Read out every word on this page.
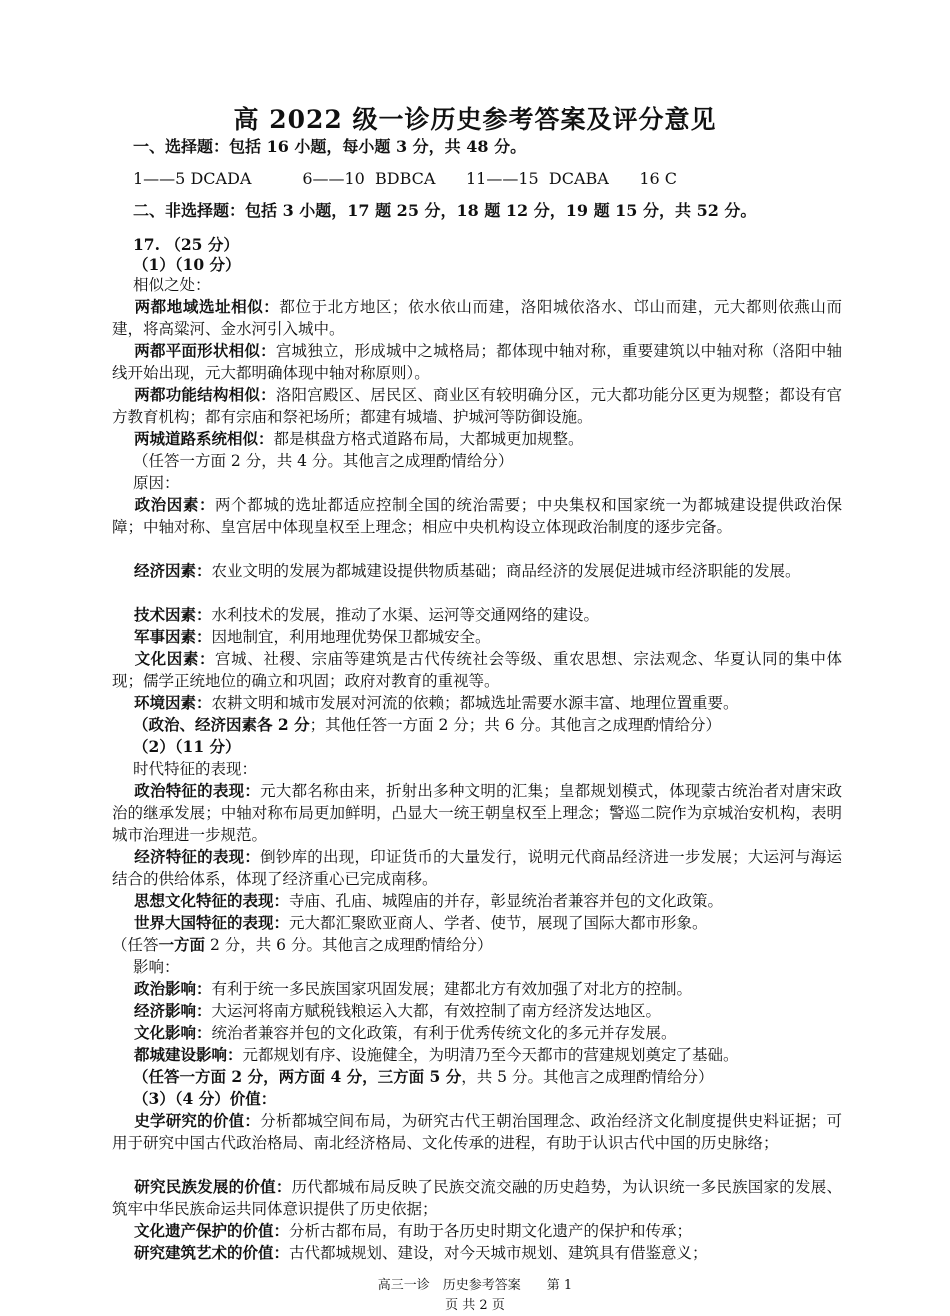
高 2022 级一诊历史参考答案及评分意见
一、选择题：包括 16 小题，每小题 3 分，共 48 分。
1——5 DCADA          6——10  BDBCA      11——15  DCABA      16 C
二、非选择题：包括 3 小题，17 题 25 分，18 题 12 分，19 题 15 分，共 52 分。
17. （25 分）
（1）（10 分）
相似之处：
两都地域选址相似：都位于北方地区；依水依山而建，洛阳城依洛水、邙山而建，元大都则依燕山而建，将高粱河、金水河引入城中。
两都平面形状相似：宫城独立，形成城中之城格局；都体现中轴对称，重要建筑以中轴对称（洛阳中轴线开始出现，元大都明确体现中轴对称原则）。
两都功能结构相似：洛阳宫殿区、居民区、商业区有较明确分区，元大都功能分区更为规整；都设有官方教育机构；都有宗庙和祭祀场所；都建有城墙、护城河等防御设施。
两城道路系统相似：都是棋盘方格式道路布局，大都城更加规整。
（任答一方面 2 分，共 4 分。其他言之成理酌情给分）
原因：
政治因素：两个都城的选址都适应控制全国的统治需要；中央集权和国家统一为都城建设提供政治保障；中轴对称、皇宫居中体现皇权至上理念；相应中央机构设立体现政治制度的逐步完备。
经济因素：农业文明的发展为都城建设提供物质基础；商品经济的发展促进城市经济职能的发展。
技术因素：水利技术的发展，推动了水渠、运河等交通网络的建设。
军事因素：因地制宜，利用地理优势保卫都城安全。
文化因素：宫城、社稷、宗庙等建筑是古代传统社会等级、重农思想、宗法观念、华夏认同的集中体现；儒学正统地位的确立和巩固；政府对教育的重视等。
环境因素：农耕文明和城市发展对河流的依赖；都城选址需要水源丰富、地理位置重要。
（政治、经济因素各 2 分；其他任答一方面 2 分；共 6 分。其他言之成理酌情给分）
（2）（11 分）
时代特征的表现：
政治特征的表现：元大都名称由来，折射出多种文明的汇集；皇都规划模式，体现蒙古统治者对唐宋政治的继承发展；中轴对称布局更加鲜明，凸显大一统王朝皇权至上理念；警巡二院作为京城治安机构，表明城市治理进一步规范。
经济特征的表现：倒钞库的出现，印证货币的大量发行，说明元代商品经济进一步发展；大运河与海运结合的供给体系，体现了经济重心已完成南移。
思想文化特征的表现：寺庙、孔庙、城隍庙的并存，彰显统治者兼容并包的文化政策。
世界大国特征的表现：元大都汇聚欧亚商人、学者、使节，展现了国际大都市形象。
（任答一方面 2 分，共 6 分。其他言之成理酌情给分）
影响：
政治影响：有利于统一多民族国家巩固发展；建都北方有效加强了对北方的控制。
经济影响：大运河将南方赋税钱粮运入大都，有效控制了南方经济发达地区。
文化影响：统治者兼容并包的文化政策，有利于优秀传统文化的多元并存发展。
都城建设影响：元都规划有序、设施健全，为明清乃至今天都市的营建规划奠定了基础。
（任答一方面 2 分，两方面 4 分，三方面 5 分，共 5 分。其他言之成理酌情给分）
（3）（4 分）价值：
史学研究的价值：分析都城空间布局，为研究古代王朝治国理念、政治经济文化制度提供史料证据；可用于研究中国古代政治格局、南北经济格局、文化传承的进程，有助于认识古代中国的历史脉络；
研究民族发展的价值：历代都城布局反映了民族交流交融的历史趋势，为认识统一多民族国家的发展、筑牢中华民族命运共同体意识提供了历史依据；
文化遗产保护的价值：分析古都布局，有助于各历史时期文化遗产的保护和传承；
研究建筑艺术的价值：古代都城规划、建设，对今天城市规划、建筑具有借鉴意义；
高三一诊　历史参考答案　　第 1
页 共 2 页
